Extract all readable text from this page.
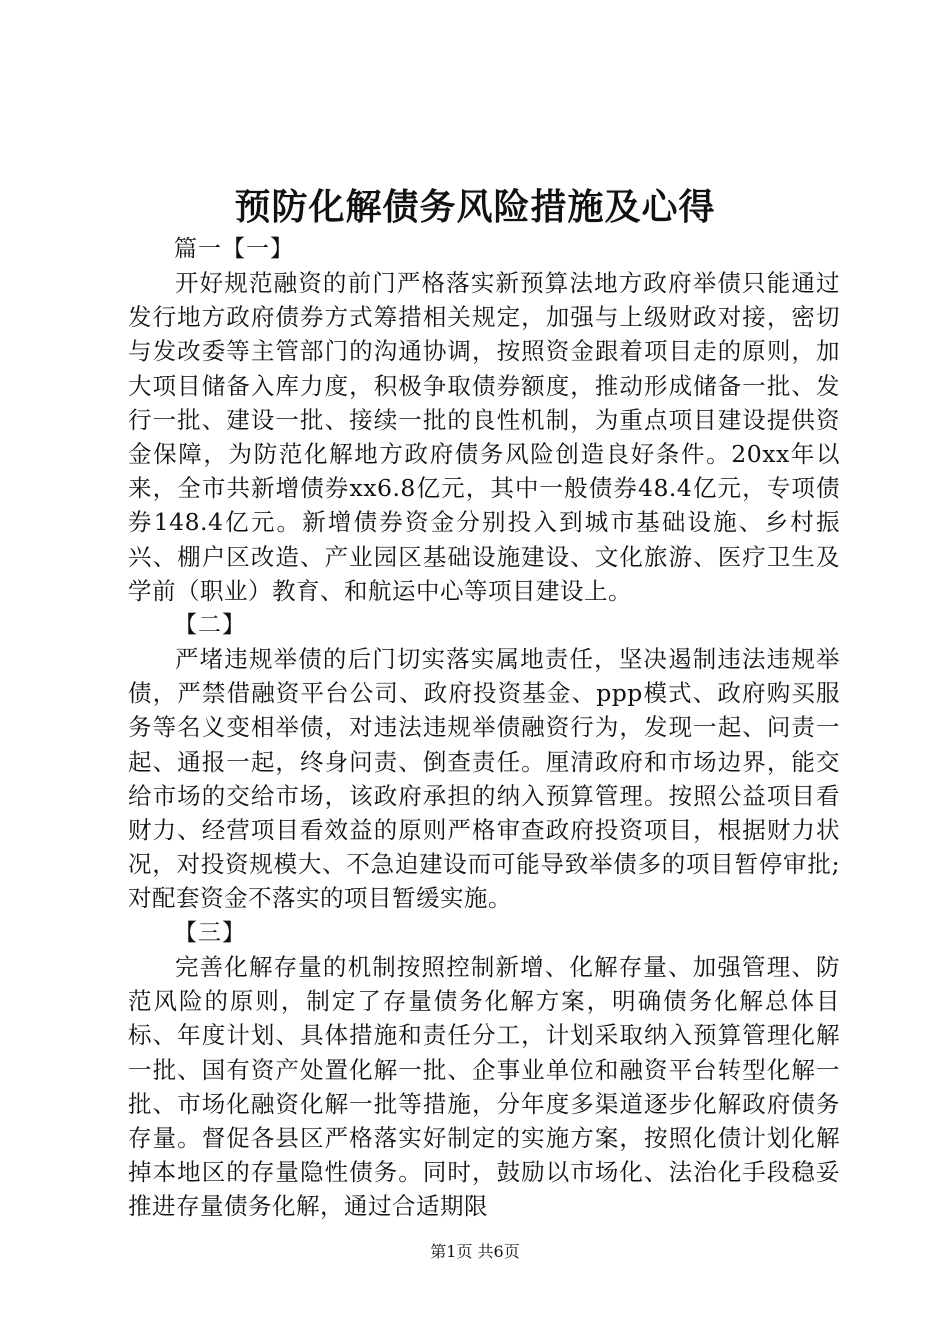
预防化解债务风险措施及心得
篇一【一】
开好规范融资的前门严格落实新预算法地方政府举债只能通过发行地方政府债券方式筹措相关规定，加强与上级财政对接，密切与发改委等主管部门的沟通协调，按照资金跟着项目走的原则，加大项目储备入库力度，积极争取债券额度，推动形成储备一批、发行一批、建设一批、接续一批的良性机制，为重点项目建设提供资金保障，为防范化解地方政府债务风险创造良好条件。20xx年以来，全市共新增债券xx6.8亿元，其中一般债券48.4亿元，专项债券148.4亿元。新增债券资金分别投入到城市基础设施、乡村振兴、棚户区改造、产业园区基础设施建设、文化旅游、医疗卫生及学前（职业）教育、和航运中心等项目建设上。
【二】
严堵违规举债的后门切实落实属地责任，坚决遏制违法违规举债，严禁借融资平台公司、政府投资基金、ppp模式、政府购买服务等名义变相举债，对违法违规举债融资行为，发现一起、问责一起、通报一起，终身问责、倒查责任。厘清政府和市场边界，能交给市场的交给市场，该政府承担的纳入预算管理。按照公益项目看财力、经营项目看效益的原则严格审查政府投资项目，根据财力状况，对投资规模大、不急迫建设而可能导致举债多的项目暂停审批;对配套资金不落实的项目暂缓实施。
【三】
完善化解存量的机制按照控制新增、化解存量、加强管理、防范风险的原则，制定了存量债务化解方案，明确债务化解总体目标、年度计划、具体措施和责任分工，计划采取纳入预算管理化解一批、国有资产处置化解一批、企事业单位和融资平台转型化解一批、市场化融资化解一批等措施，分年度多渠道逐步化解政府债务存量。督促各县区严格落实好制定的实施方案，按照化债计划化解掉本地区的存量隐性债务。同时，鼓励以市场化、法治化手段稳妥推进存量债务化解，通过合适期限
第1页 共6页
